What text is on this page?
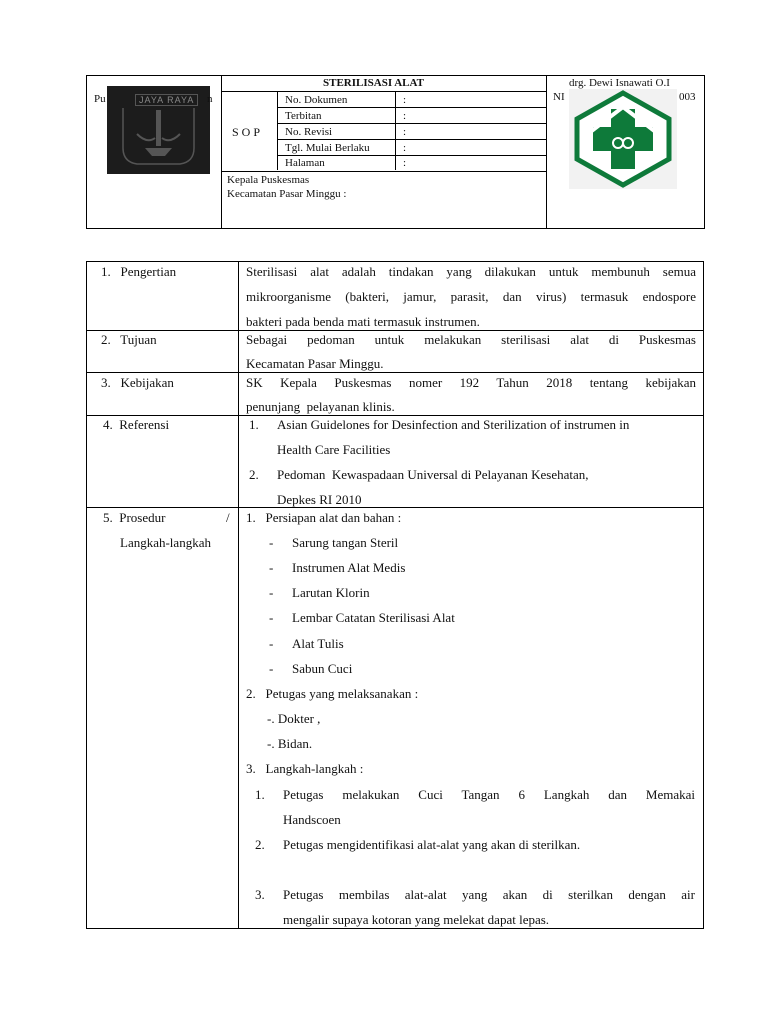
Pu	JAYA RAYA	n
STERILISASI ALAT
S O P
No. Dokumen	:
Terbitan	:
No. Revisi	:
Tgl. Mulai Berlaku	:
Halaman	:
Kepala Puskesmas
Kecamatan Pasar Minggu :
drg. Dewi Isnawati O.I
NI	003
1.   Pengertian	Sterilisasi alat adalah tindakan yang dilakukan untuk membunuh semua
mikroorganisme (bakteri, jamur, parasit, dan virus) termasuk endospore
bakteri pada benda mati termasuk instrumen.
2.   Tujuan	Sebagai pedoman untuk melakukan sterilisasi alat di Puskesmas
Kecamatan Pasar Minggu.
3.   Kebijakan	SK Kepala Puskesmas nomer 192 Tahun 2018 tentang kebijakan
penunjang  pelayanan klinis.
4.  Referensi	1. Asian Guidelones for Desinfection and Sterilization of instrumen in
Health Care Facilities
2. Pedoman  Kewaspadaan Universal di Pelayanan Kesehatan,
Depkes RI 2010
5.  Prosedur	/
Langkah-langkah
1.   Persiapan alat dan bahan :
- Sarung tangan Steril
- Instrumen Alat Medis
- Larutan Klorin
- Lembar Catatan Sterilisasi Alat
- Alat Tulis
- Sabun Cuci
2.   Petugas yang melaksanakan :
-. Dokter ,
-. Bidan.
3.   Langkah-langkah :
1. Petugas melakukan Cuci Tangan 6 Langkah dan Memakai
Handscoen
2. Petugas mengidentifikasi alat-alat yang akan di sterilkan.
3. Petugas membilas alat-alat yang akan di sterilkan dengan air
mengalir supaya kotoran yang melekat dapat lepas.
